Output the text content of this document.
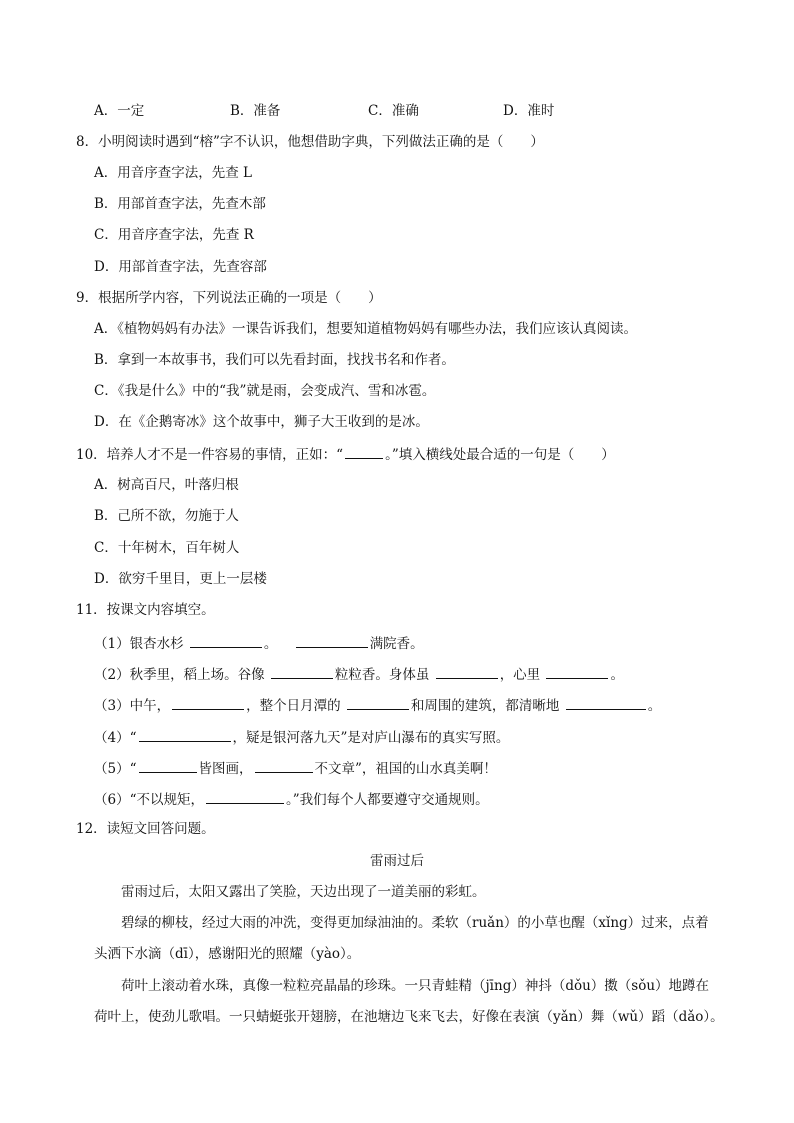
A．一定	B．准备	C．准确	D．准时
8．小明阅读时遇到“榕”字不认识，他想借助字典，下列做法正确的是（　　）
A．用音序查字法，先查 L
B．用部首查字法，先查木部
C．用音序查字法，先查 R
D．用部首查字法，先查容部
9．根据所学内容，下列说法正确的一项是（　　）
A．《植物妈妈有办法》一课告诉我们，想要知道植物妈妈有哪些办法，我们应该认真阅读。
B．拿到一本故事书，我们可以先看封面，找找书名和作者。
C．《我是什么》中的“我”就是雨，会变成汽、雪和冰雹。
D．在《企鹅寄冰》这个故事中，狮子大王收到的是冰。
10．培养人才不是一件容易的事情，正如：“	。”填入横线处最合适的一句是（　　）
A．树高百尺，叶落归根
B．己所不欲，勿施于人
C．十年树木，百年树人
D．欲穷千里目，更上一层楼
11．按课文内容填空。
（1）银杏水杉	。	满院香。
（2）秋季里，稻上场。谷像	粒粒香。身体虽	，心里	。
（3）中午，	，整个日月潭的	和周围的建筑，都清晰地	。
（4）“	，疑是银河落九天”是对庐山瀑布的真实写照。
（5）“	皆图画，	不文章”，祖国的山水真美啊！
（6）“不以规矩，	。”我们每个人都要遵守交通规则。
12．读短文回答问题。
雷雨过后
雷雨过后，太阳又露出了笑脸，天边出现了一道美丽的彩虹。
碧绿的柳枝，经过大雨的冲洗，变得更加绿油油的。柔软（ruǎn）的小草也醒（xǐng）过来，点着
头洒下水滴（dī），感谢阳光的照耀（yào）。
荷叶上滚动着水珠，真像一粒粒亮晶晶的珍珠。一只青蛙精（jīng）神抖（dǒu）擞（sǒu）地蹲在
荷叶上，使劲儿歌唱。一只蜻蜓张开翅膀，在池塘边飞来飞去，好像在表演（yǎn）舞（wǔ）蹈（dǎo）。
